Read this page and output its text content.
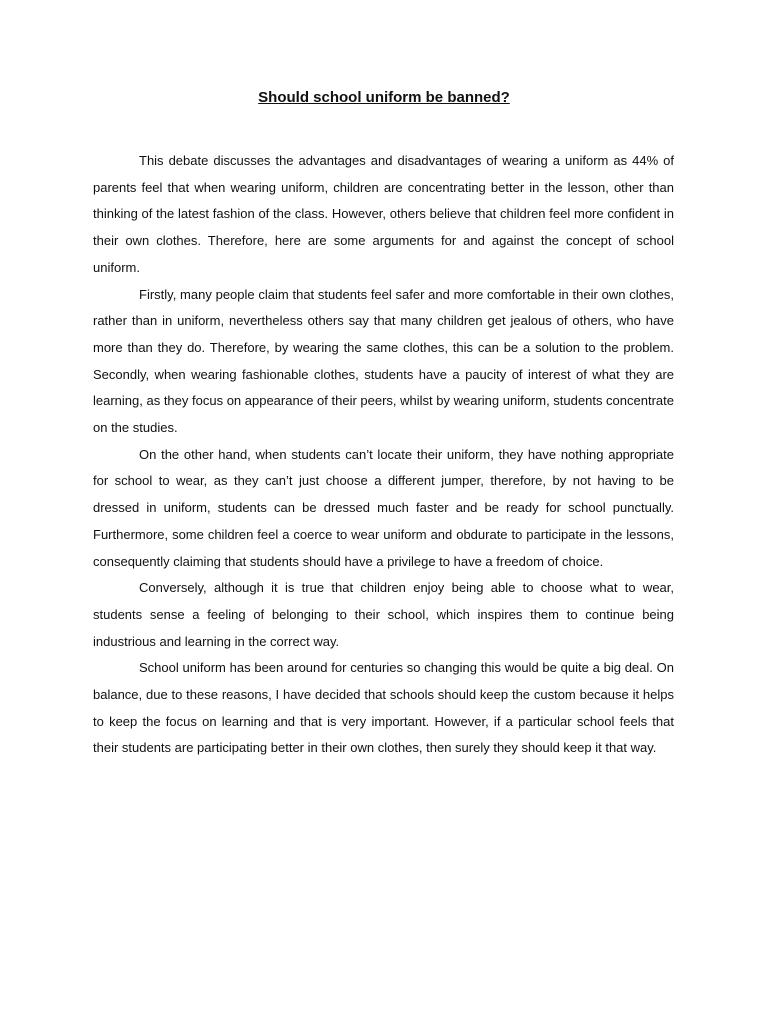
Should school uniform be banned?

This debate discusses the advantages and disadvantages of wearing a uniform as 44% of parents feel that when wearing uniform, children are concentrating better in the lesson, other than thinking of the latest fashion of the class. However, others believe that children feel more confident in their own clothes. Therefore, here are some arguments for and against the concept of school uniform.

Firstly, many people claim that students feel safer and more comfortable in their own clothes, rather than in uniform, nevertheless others say that many children get jealous of others, who have more than they do. Therefore, by wearing the same clothes, this can be a solution to the problem. Secondly, when wearing fashionable clothes, students have a paucity of interest of what they are learning, as they focus on appearance of their peers, whilst by wearing uniform, students concentrate on the studies.

On the other hand, when students can’t locate their uniform, they have nothing appropriate for school to wear, as they can’t just choose a different jumper, therefore, by not having to be dressed in uniform, students can be dressed much faster and be ready for school punctually. Furthermore, some children feel a coerce to wear uniform and obdurate to participate in the lessons, consequently claiming that students should have a privilege to have a freedom of choice.

Conversely, although it is true that children enjoy being able to choose what to wear, students sense a feeling of belonging to their school, which inspires them to continue being industrious and learning in the correct way.

School uniform has been around for centuries so changing this would be quite a big deal. On balance, due to these reasons, I have decided that schools should keep the custom because it helps to keep the focus on learning and that is very important. However, if a particular school feels that their students are participating better in their own clothes, then surely they should keep it that way.
